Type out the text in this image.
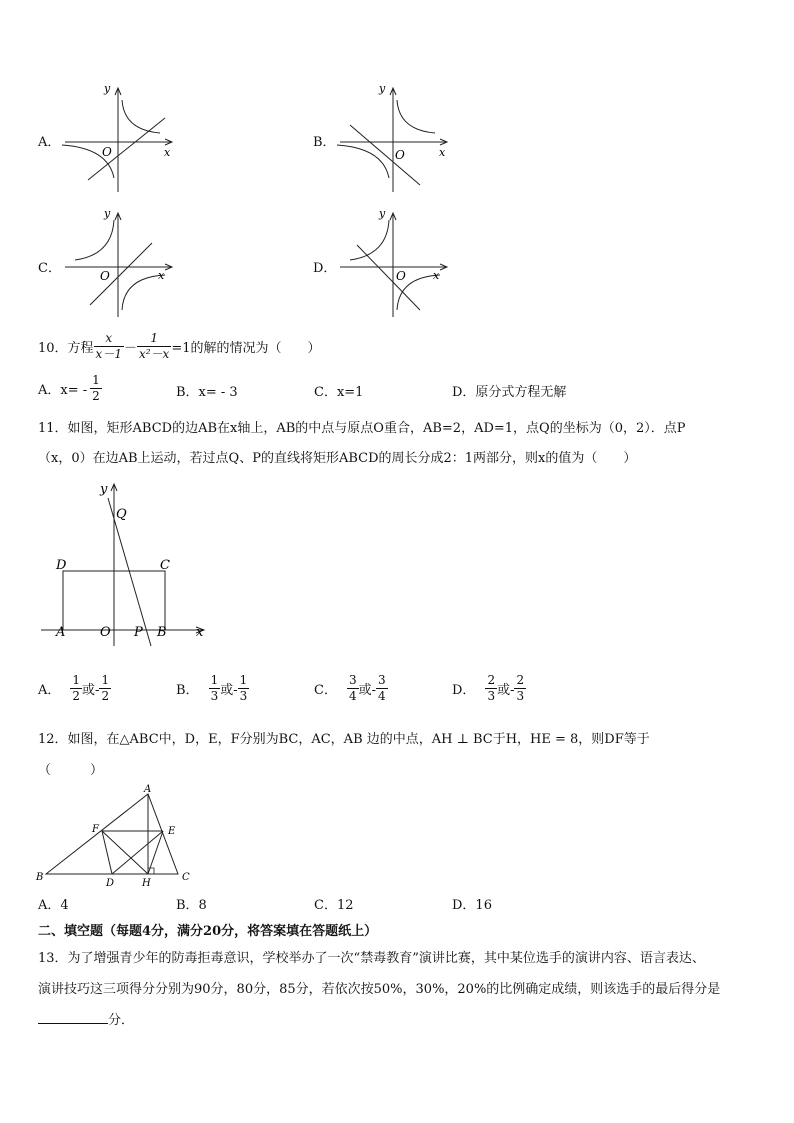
A．
x
y
O
B．
x
y
O
C．	x
y
O	D．	x
y
O
10．方程 $\frac{x}{x-1} - \frac{1}{\text{x²－x}} =1$的解的情况为（　　）
A．$x= - \frac{1}{2}$	B．x= - 3	C．x=1	D．原分式方程无解
11．如图，矩形ABCD的边AB在x轴上，AB的中点与原点O重合，AB=2，AD=1，点Q的坐标为（0，2）．点P
（x，0）在边AB上运动，若过点Q、P的直线将矩形ABCD的周长分成2：1两部分，则x的值为（　　）
y
Q
D	C
A	O P B x
A． $\frac{1}{2}$ 或- $\frac{1}{2}$	B． $\frac{1}{3}$ 或- $\frac{1}{3}$	C． $\frac{3}{4}$ 或- $\frac{3}{4}$	D． $\frac{2}{3}$ 或- $\frac{2}{3}$
12．如图，在△ABC中，D，E，F分别为BC，AC，AB 边的中点，AH ⊥ BC于H，HE = 8，则DF等于
（　　　）
A
B	C
D	H
E
F
A．4	B．8	C．12	D．16
二、填空题（每题4分，满分20分，将答案填在答题纸上）
13．为了增强青少年的防毒拒毒意识，学校举办了一次“禁毒教育”演讲比赛，其中某位选手的演讲内容、语言表达、
演讲技巧这三项得分分别为90分，80分，85分，若依次按50%，30%，20%的比例确定成绩，则该选手的最后得分是
分．
